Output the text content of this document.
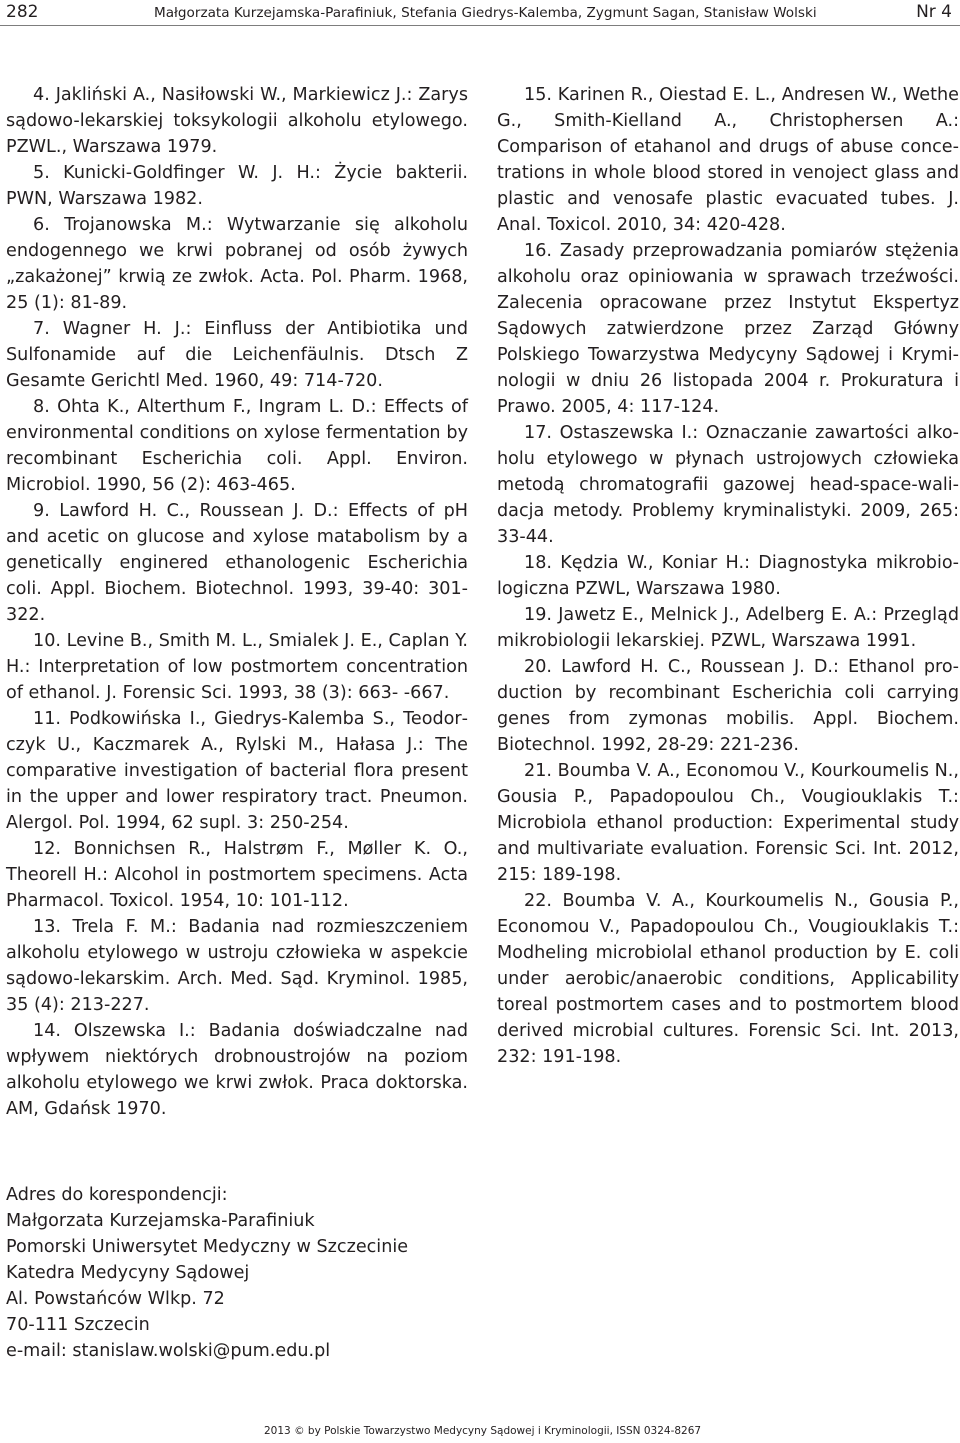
282	Małgorzata Kurzejamska-Parafiniuk, Stefania Giedrys-Kalemba, Zygmunt Sagan, Stanisław Wolski	Nr 4

4. Jakliński A., Nasiłowski W., Markiewicz J.: Zarys sądowo-lekarskiej toksykologii alkoholu etylowego. PZWL., Warszawa 1979.

5. Kunicki-Goldfinger W. J. H.: Życie bakterii. PWN, Warszawa 1982.

6. Trojanowska M.: Wytwarzanie się alkoholu endogennego we krwi pobranej od osób żywych „zakażonej” krwią ze zwłok. Acta. Pol. Pharm. 1968, 25 (1): 81-89.

7. Wagner H. J.: Einfluss der Antibiotika und Sulfonamide auf die Leichenfäulnis. Dtsch Z Gesamte Gerichtl Med. 1960, 49: 714-720.

8. Ohta K., Alterthum F., Ingram L. D.: Effects of environmental conditions on xylose fermentation by recombinant Escherichia coli. Appl. Environ. Microbiol. 1990, 56 (2): 463-465.

9. Lawford H. C., Roussean J. D.: Effects of pH and acetic on glucose and xylose matabolism by a genetically enginered ethanologenic Escherichia coli. Appl. Biochem. Biotechnol. 1993, 39-40: 301-322.

10. Levine B., Smith M. L., Smialek J. E., Caplan Y. H.: Interpretation of low postmortem concentration of ethanol. J. Forensic Sci. 1993, 38 (3): 663- -667.

11. Podkowińska I., Giedrys-Kalemba S., Teodorczyk U., Kaczmarek A., Rylski M., Hałasa J.: The comparative investigation of bacterial flora present in the upper and lower respiratory tract. Pneumon. Alergol. Pol. 1994, 62 supl. 3: 250-254.

12. Bonnichsen R., Halstrøm F., Møller K. O., Theorell H.: Alcohol in postmortem specimens. Acta Pharmacol. Toxicol. 1954, 10: 101-112.

13. Trela F. M.: Badania nad rozmieszczeniem alkoholu etylowego w ustroju człowieka w aspekcie sądowo-lekarskim. Arch. Med. Sąd. Kryminol. 1985, 35 (4): 213-227.

14. Olszewska I.: Badania doświadczalne nad wpływem niektórych drobnoustrojów na poziom alkoholu etylowego we krwi zwłok. Praca doktorska. AM, Gdańsk 1970.

15. Karinen R., Oiestad E. L., Andresen W., Wethe G., Smith-Kielland A., Christophersen A.: Comparison of etahanol and drugs of abuse concetrations in whole blood stored in venoject glass and plastic and venosafe plastic evacuated tubes. J. Anal. Toxicol. 2010, 34: 420-428.

16. Zasady przeprowadzania pomiarów stężenia alkoholu oraz opiniowania w sprawach trzeźwości. Zalecenia opracowane przez Instytut Ekspertyz Sądowych zatwierdzone przez Zarząd Główny Polskiego Towarzystwa Medycyny Sądowej i Kryminologii w dniu 26 listopada 2004 r. Prokuratura i Prawo. 2005, 4: 117-124.

17. Ostaszewska I.: Oznaczanie zawartości alkoholu etylowego w płynach ustrojowych człowieka metodą chromatografii gazowej head-space-walidacja metody. Problemy kryminalistyki. 2009, 265: 33-44.

18. Kędzia W., Koniar H.: Diagnostyka mikrobiologiczna PZWL, Warszawa 1980.

19. Jawetz E., Melnick J., Adelberg E. A.: Przegląd mikrobiologii lekarskiej. PZWL, Warszawa 1991.

20. Lawford H. C., Roussean J. D.: Ethanol production by recombinant Escherichia coli carrying genes from zymonas mobilis. Appl. Biochem. Biotechnol. 1992, 28-29: 221-236.

21. Boumba V. A., Economou V., Kourkoumelis N., Gousia P., Papadopoulou Ch., Vougiouklakis T.: Microbiola ethanol production: Experimental study and multivariate evaluation. Forensic Sci. Int. 2012, 215: 189-198.

22. Boumba V. A., Kourkoumelis N., Gousia P., Economou V., Papadopoulou Ch., Vougiouklakis T.: Modheling microbiolal ethanol production by E. coli under aerobic/anaerobic conditions, Applicability toreal postmortem cases and to postmortem blood derived microbial cultures. Forensic Sci. Int. 2013, 232: 191-198.

Adres do korespondencji:
Małgorzata Kurzejamska-Parafiniuk
Pomorski Uniwersytet Medyczny w Szczecinie
Katedra Medycyny Sądowej
Al. Powstańców Wlkp. 72
70-111 Szczecin
e-mail: stanislaw.wolski@pum.edu.pl
2013 © by Polskie Towarzystwo Medycyny Sądowej i Kryminologii, ISSN 0324-8267
